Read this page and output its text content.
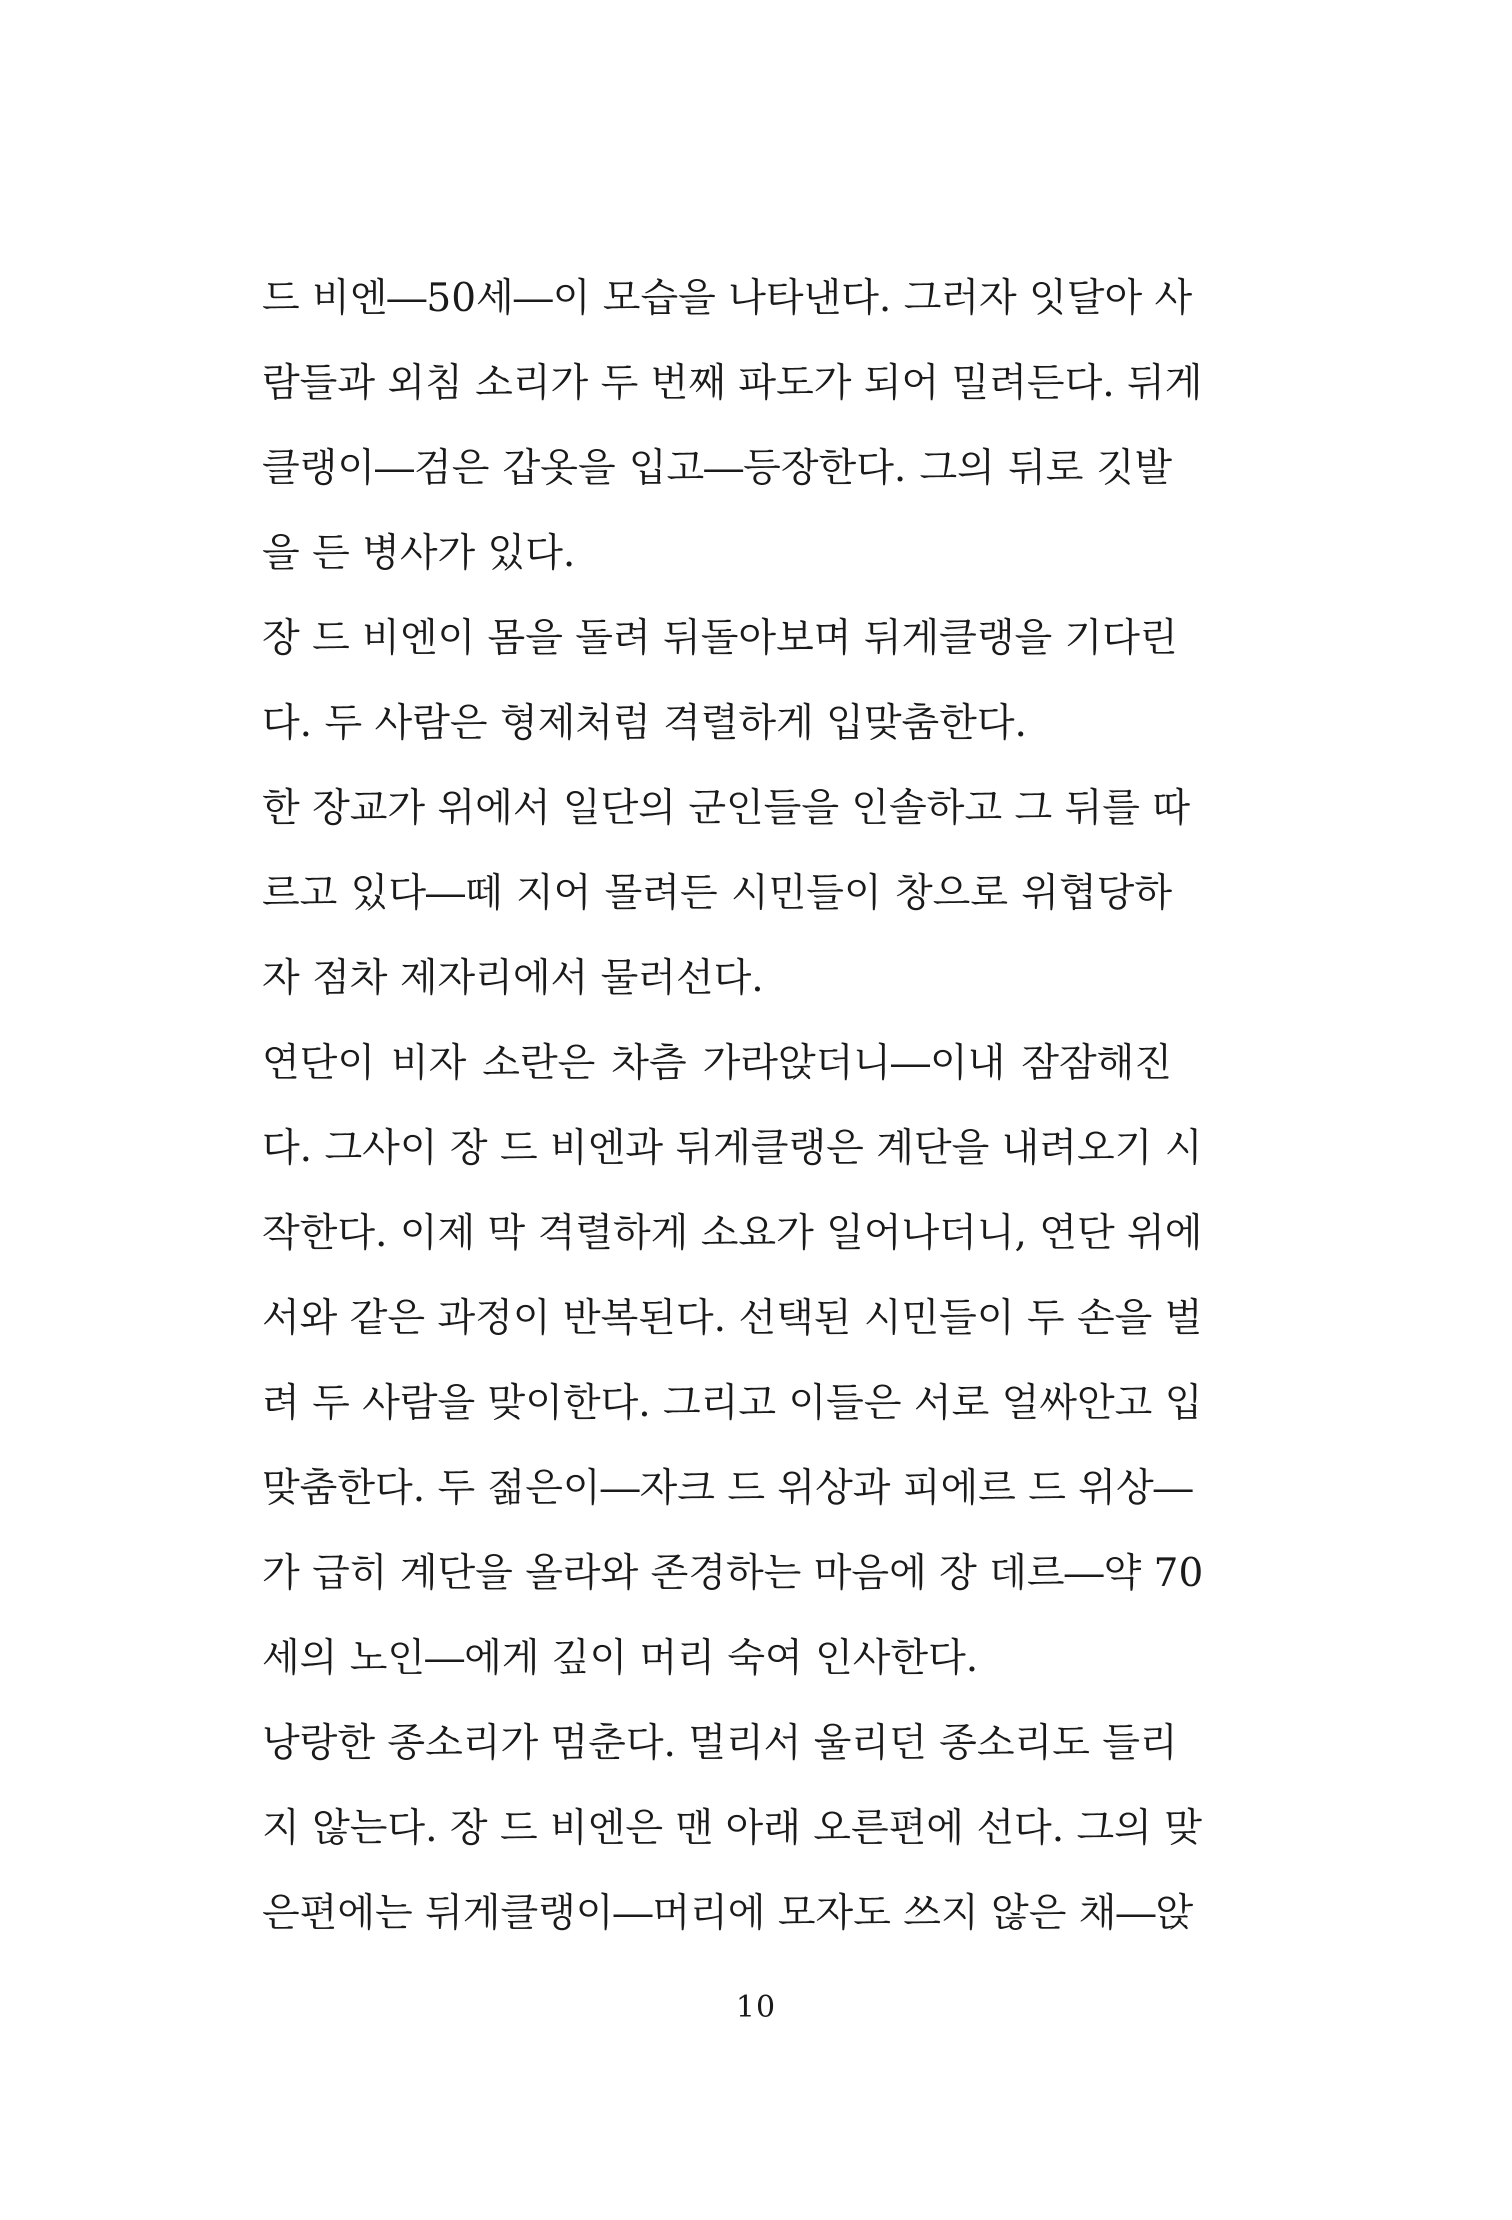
드 비엔―50세―이 모습을 나타낸다. 그러자 잇달아 사
람들과 외침 소리가 두 번째 파도가 되어 밀려든다. 뒤게
클랭이―검은 갑옷을 입고―등장한다. 그의 뒤로 깃발
을 든 병사가 있다.
장 드 비엔이 몸을 돌려 뒤돌아보며 뒤게클랭을 기다린
다. 두 사람은 형제처럼 격렬하게 입맞춤한다.
한 장교가 위에서 일단의 군인들을 인솔하고 그 뒤를 따
르고 있다―떼 지어 몰려든 시민들이 창으로 위협당하
자 점차 제자리에서 물러선다.
연단이 비자 소란은 차츰 가라앉더니―이내 잠잠해진
다. 그사이 장 드 비엔과 뒤게클랭은 계단을 내려오기 시
작한다. 이제 막 격렬하게 소요가 일어나더니, 연단 위에
서와 같은 과정이 반복된다. 선택된 시민들이 두 손을 벌
려 두 사람을 맞이한다. 그리고 이들은 서로 얼싸안고 입
맞춤한다. 두 젊은이―자크 드 위상과 피에르 드 위상―
가 급히 계단을 올라와 존경하는 마음에 장 데르―약 70
세의 노인―에게 깊이 머리 숙여 인사한다.
낭랑한 종소리가 멈춘다. 멀리서 울리던 종소리도 들리
지 않는다. 장 드 비엔은 맨 아래 오른편에 선다. 그의 맞
은편에는 뒤게클랭이―머리에 모자도 쓰지 않은 채―앉
10
